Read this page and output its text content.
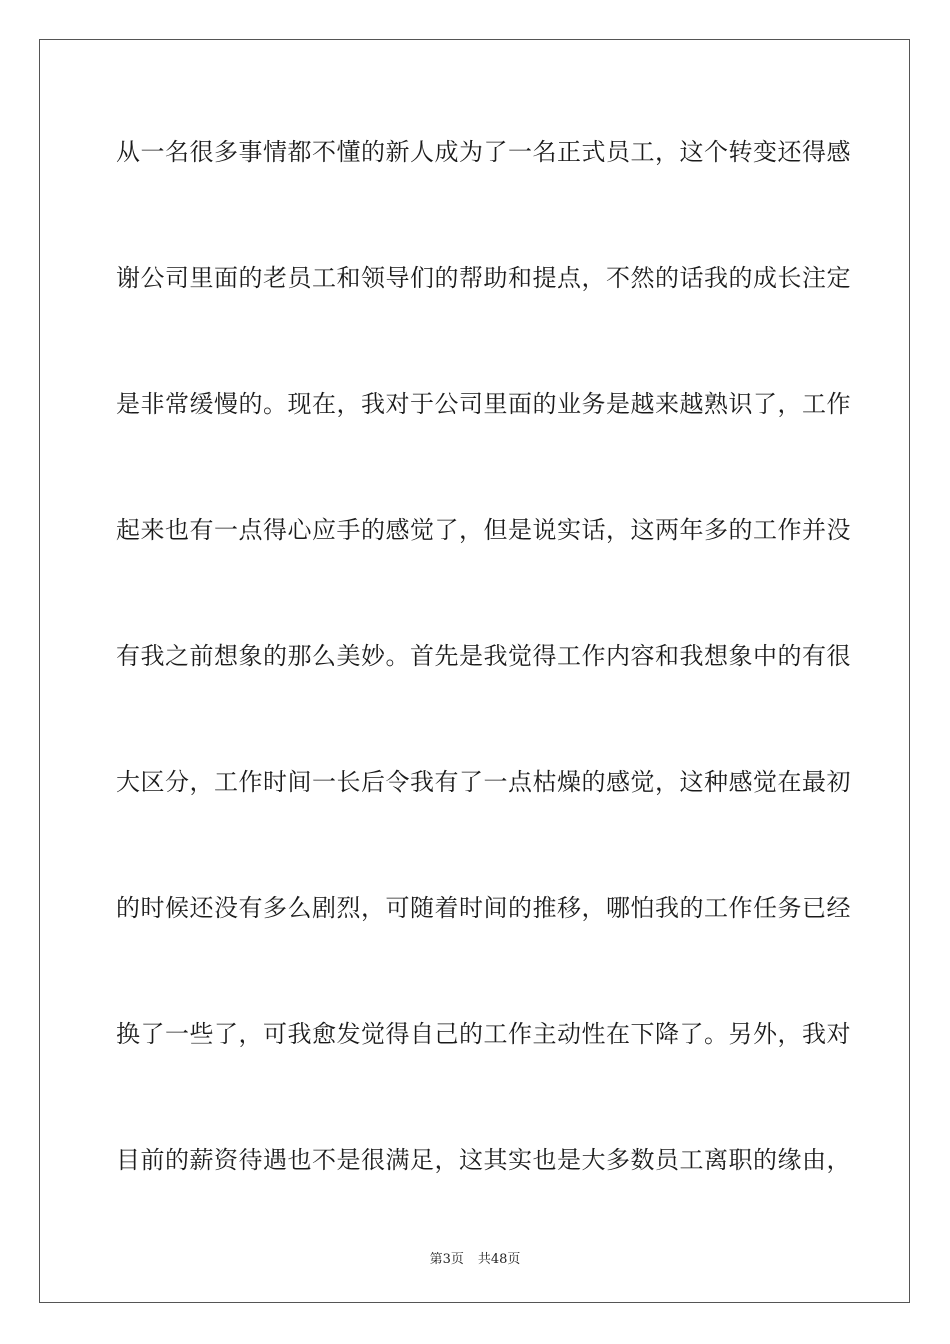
从一名很多事情都不懂的新人成为了一名正式员工，这个转变还得感
谢公司里面的老员工和领导们的帮助和提点，不然的话我的成长注定
是非常缓慢的。现在，我对于公司里面的业务是越来越熟识了，工作
起来也有一点得心应手的感觉了，但是说实话，这两年多的工作并没
有我之前想象的那么美妙。首先是我觉得工作内容和我想象中的有很
大区分，工作时间一长后令我有了一点枯燥的感觉，这种感觉在最初
的时候还没有多么剧烈，可随着时间的推移，哪怕我的工作任务已经
换了一些了，可我愈发觉得自己的工作主动性在下降了。另外，我对
目前的薪资待遇也不是很满足，这其实也是大多数员工离职的缘由，
第3页 共48页
